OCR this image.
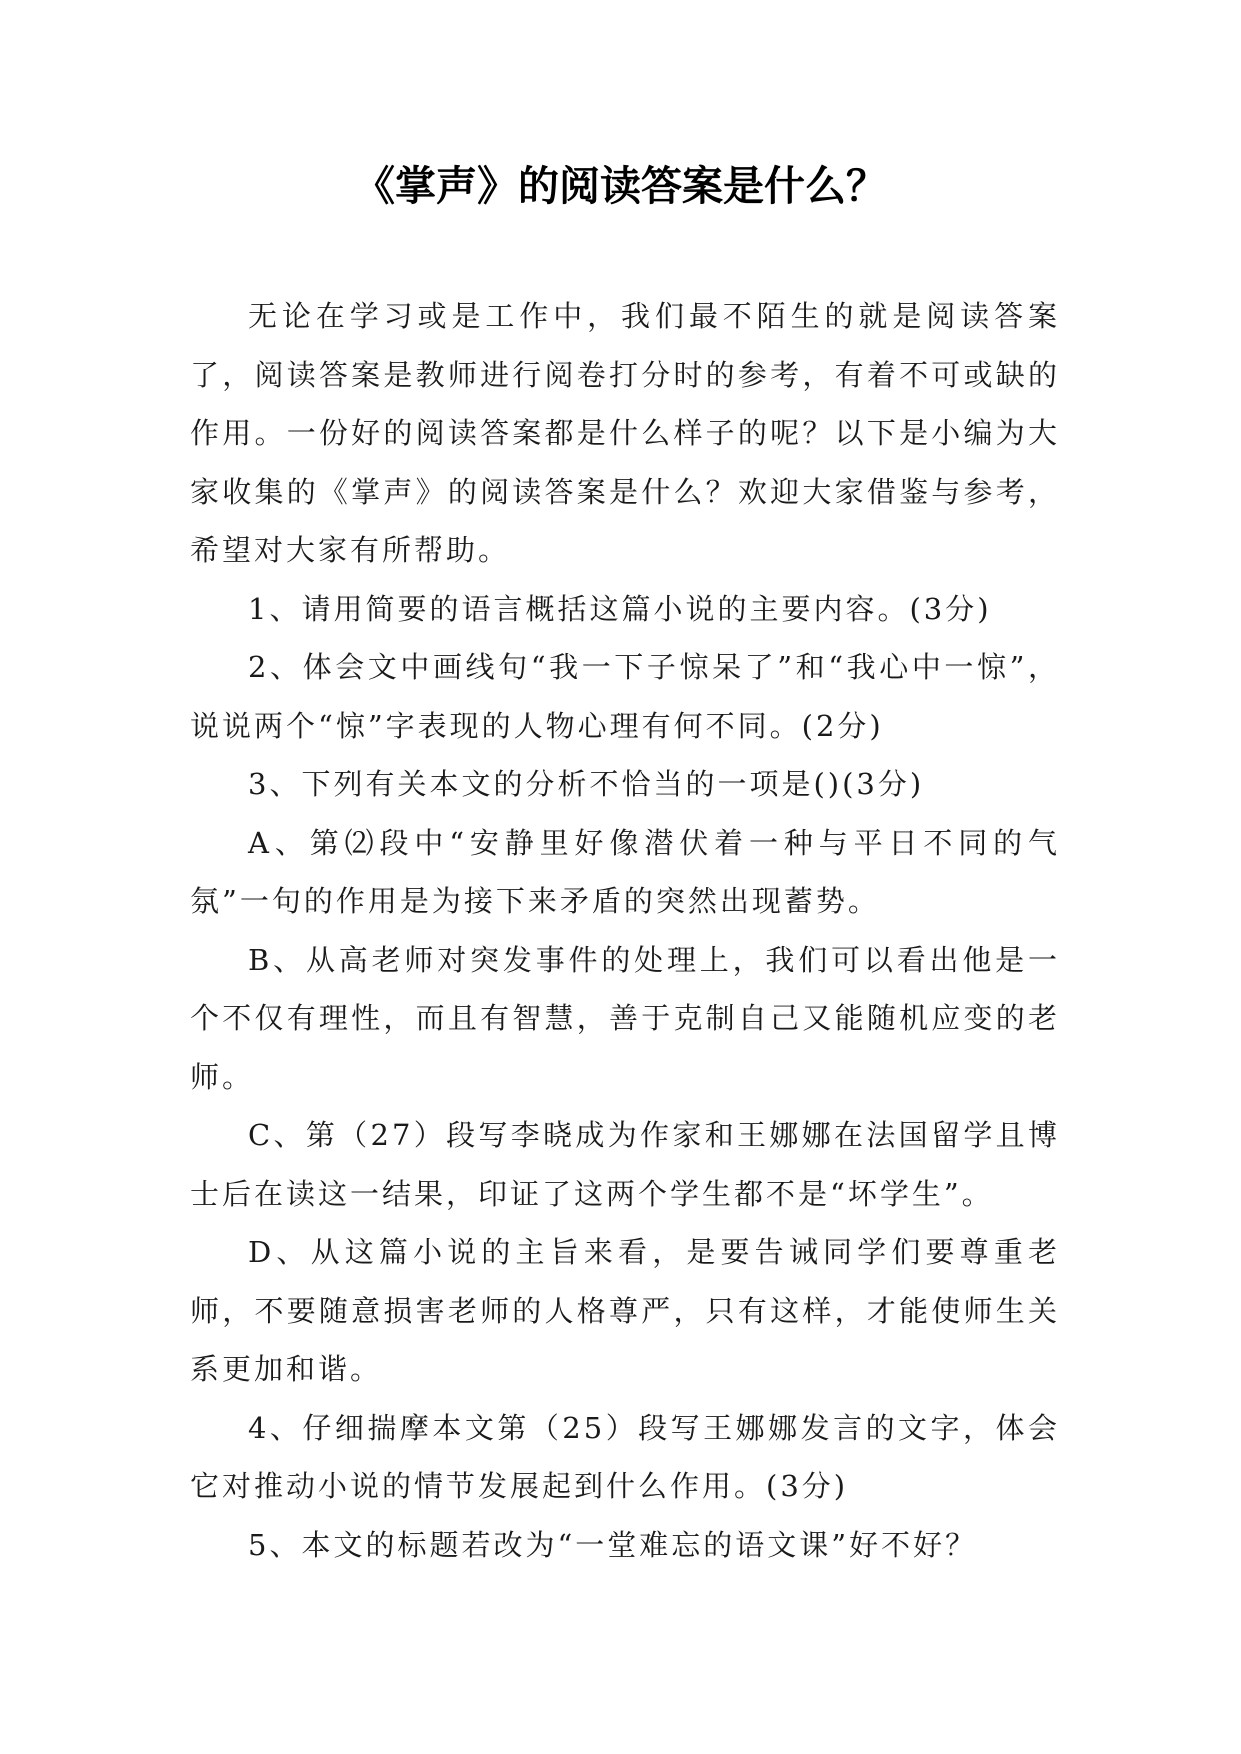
《掌声》的阅读答案是什么？

无论在学习或是工作中，我们最不陌生的就是阅读答案了，阅读答案是教师进行阅卷打分时的参考，有着不可或缺的作用。一份好的阅读答案都是什么样子的呢？以下是小编为大家收集的《掌声》的阅读答案是什么？欢迎大家借鉴与参考，希望对大家有所帮助。

1、请用简要的语言概括这篇小说的主要内容。(3分)

2、体会文中画线句“我一下子惊呆了”和“我心中一惊”，说说两个“惊”字表现的人物心理有何不同。(2分)

3、下列有关本文的分析不恰当的一项是()(3分)

A、第⑵段中“安静里好像潜伏着一种与平日不同的气氛”一句的作用是为接下来矛盾的突然出现蓄势。

B、从高老师对突发事件的处理上，我们可以看出他是一个不仅有理性，而且有智慧，善于克制自己又能随机应变的老师。

C、第（27）段写李晓成为作家和王娜娜在法国留学且博士后在读这一结果，印证了这两个学生都不是“坏学生”。

D、从这篇小说的主旨来看，是要告诫同学们要尊重老师，不要随意损害老师的人格尊严，只有这样，才能使师生关系更加和谐。

4、仔细揣摩本文第（25）段写王娜娜发言的文字，体会它对推动小说的情节发展起到什么作用。(3分)

5、本文的标题若改为“一堂难忘的语文课”好不好？
